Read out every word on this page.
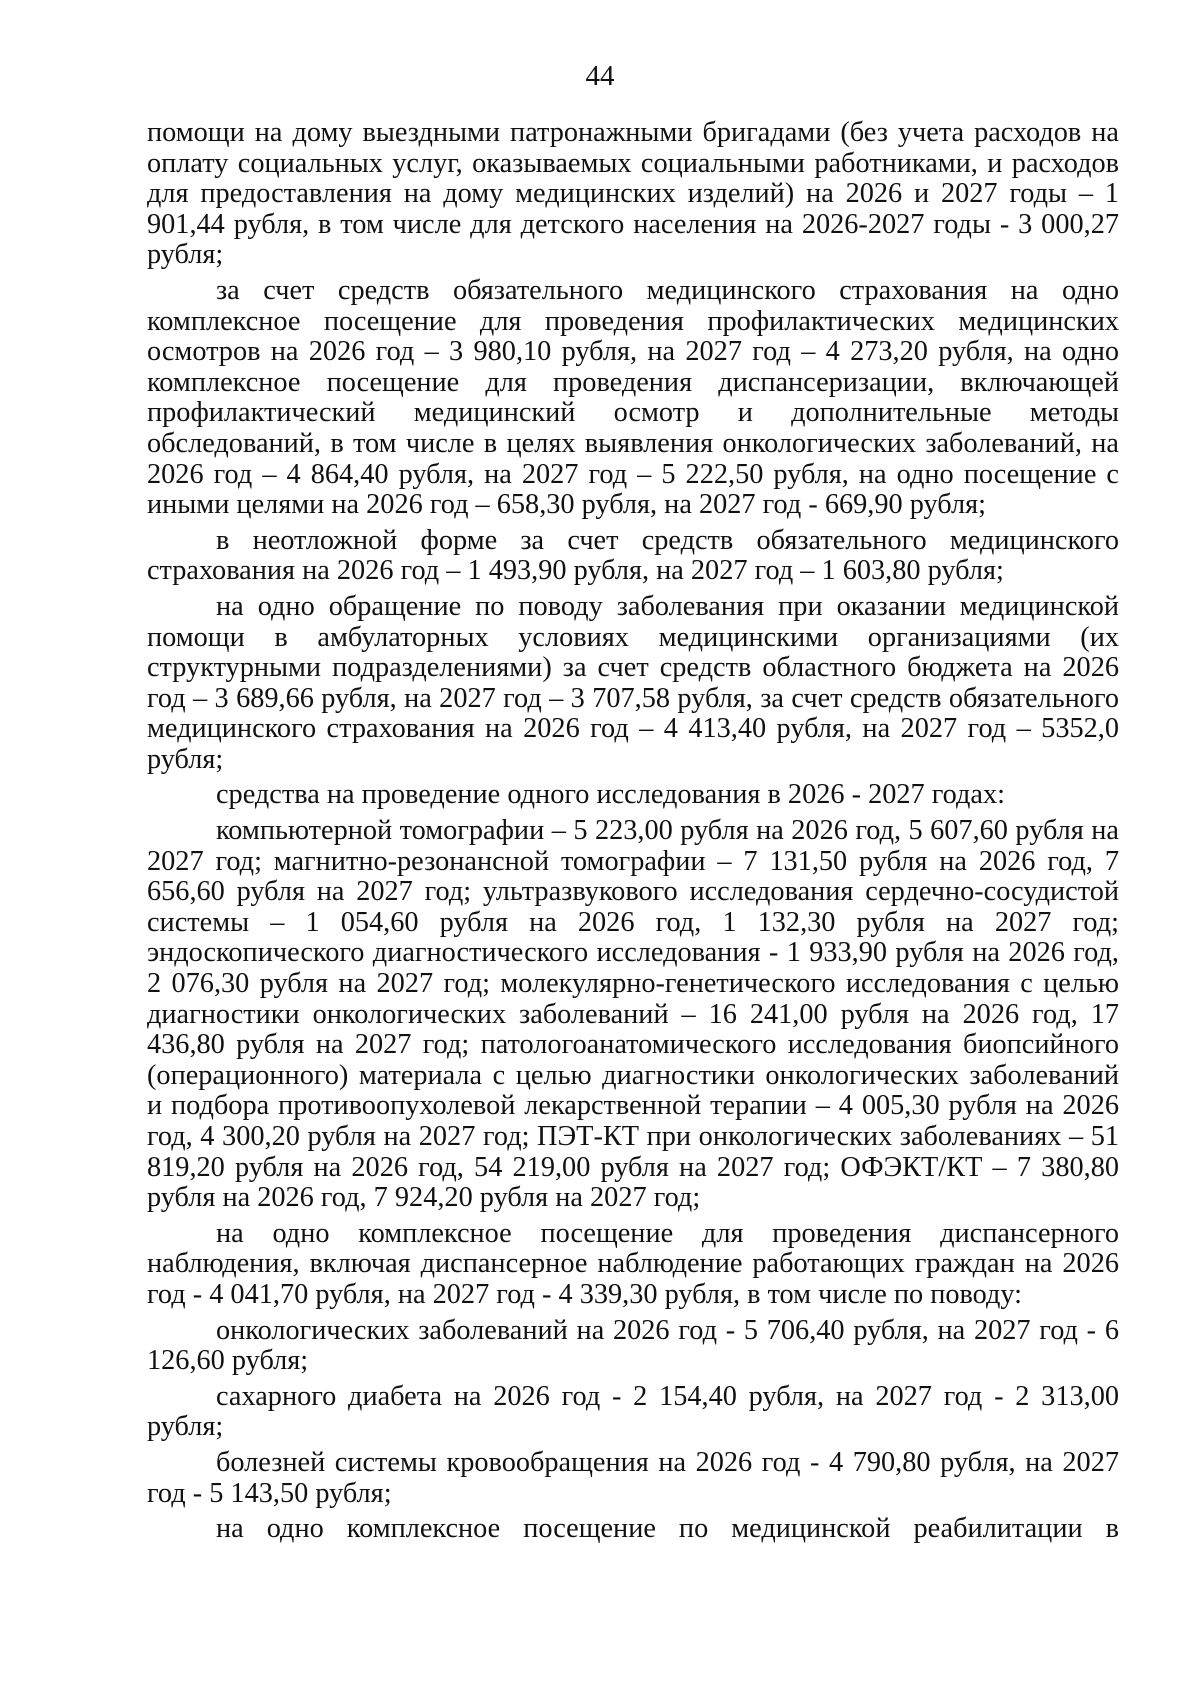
44

помощи на дому выездными патронажными бригадами (без учета расходов на оплату социальных услуг, оказываемых социальными работниками, и расходов для предоставления на дому медицинских изделий) на 2026 и 2027 годы – 1 901,44 рубля, в том числе для детского населения на 2026-2027 годы - 3 000,27 рубля;

за счет средств обязательного медицинского страхования на одно комплексное посещение для проведения профилактических медицинских осмотров на 2026 год – 3 980,10 рубля, на 2027 год – 4 273,20 рубля, на одно комплексное посещение для проведения диспансеризации, включающей профилактический медицинский осмотр и дополнительные методы обследований, в том числе в целях выявления онкологических заболеваний, на 2026 год – 4 864,40 рубля, на 2027 год – 5 222,50 рубля, на одно посещение с иными целями на 2026 год – 658,30 рубля, на 2027 год - 669,90 рубля;

в неотложной форме за счет средств обязательного медицинского страхования на 2026 год – 1 493,90 рубля, на 2027 год – 1 603,80 рубля;

на одно обращение по поводу заболевания при оказании медицинской помощи в амбулаторных условиях медицинскими организациями (их структурными подразделениями) за счет средств областного бюджета на 2026 год – 3 689,66 рубля, на 2027 год – 3 707,58 рубля, за счет средств обязательного медицинского страхования на 2026 год – 4 413,40 рубля, на 2027 год – 5352,0 рубля;

средства на проведение одного исследования в 2026 - 2027 годах:

компьютерной томографии – 5 223,00 рубля на 2026 год, 5 607,60 рубля на 2027 год; магнитно-резонансной томографии – 7 131,50 рубля на 2026 год, 7 656,60 рубля на 2027 год; ультразвукового исследования сердечно-сосудистой системы – 1 054,60 рубля на 2026 год, 1 132,30 рубля на 2027 год; эндоскопического диагностического исследования - 1 933,90 рубля на 2026 год, 2 076,30 рубля на 2027 год; молекулярно-генетического исследования с целью диагностики онкологических заболеваний – 16 241,00 рубля на 2026 год, 17 436,80 рубля на 2027 год; патологоанатомического исследования биопсийного (операционного) материала с целью диагностики онкологических заболеваний и подбора противоопухолевой лекарственной терапии – 4 005,30 рубля на 2026 год, 4 300,20 рубля на 2027 год; ПЭТ-КТ при онкологических заболеваниях – 51 819,20 рубля на 2026 год, 54 219,00 рубля на 2027 год; ОФЭКТ/КТ – 7 380,80 рубля на 2026 год, 7 924,20 рубля на 2027 год;

на одно комплексное посещение для проведения диспансерного наблюдения, включая диспансерное наблюдение работающих граждан на 2026 год - 4 041,70 рубля, на 2027 год - 4 339,30 рубля, в том числе по поводу:

онкологических заболеваний на 2026 год - 5 706,40 рубля, на 2027 год - 6 126,60 рубля;

сахарного диабета на 2026 год - 2 154,40 рубля, на 2027 год - 2 313,00 рубля;

болезней системы кровообращения на 2026 год - 4 790,80 рубля, на 2027 год - 5 143,50 рубля;

на одно комплексное посещение по медицинской реабилитации в
